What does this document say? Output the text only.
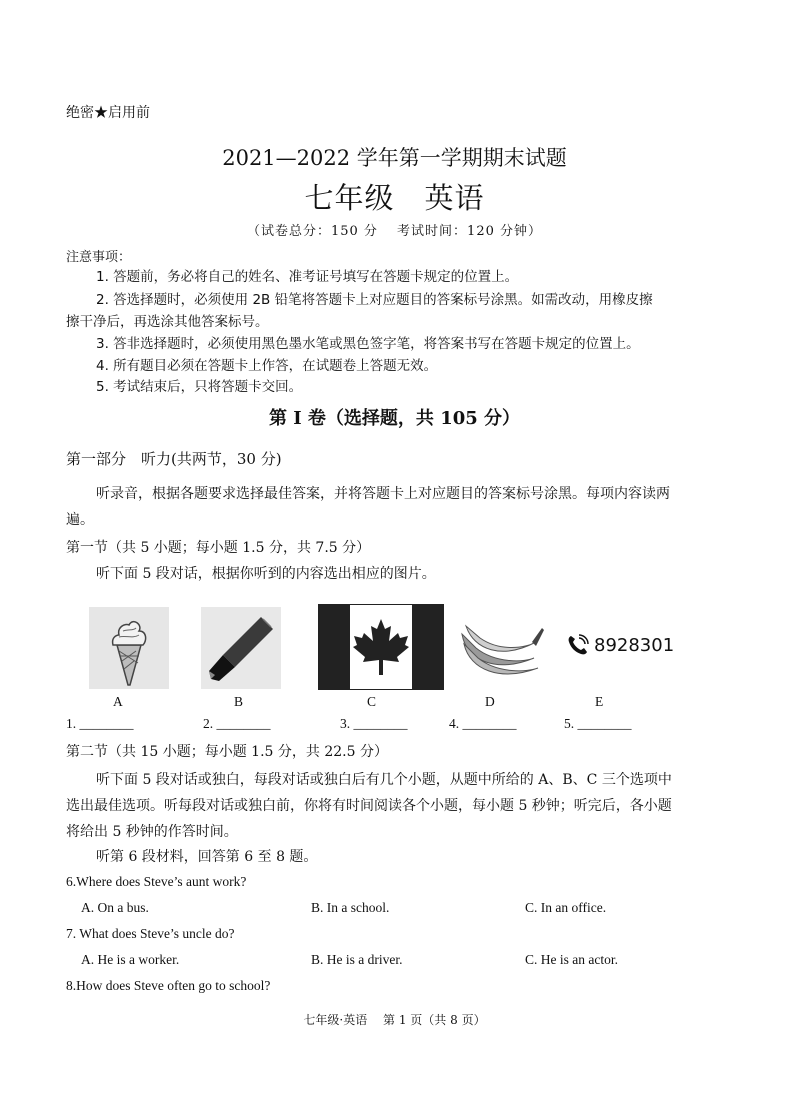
绝密★启用前
2021—2022 学年第一学期期末试题
七年级　英语
（试卷总分：150 分　 考试时间：120 分钟）
注意事项：
1. 答题前，务必将自己的姓名、准考证号填写在答题卡规定的位置上。
2. 答选择题时，必须使用 2B 铅笔将答题卡上对应题目的答案标号涂黑。如需改动，用橡皮擦
擦干净后，再选涂其他答案标号。
3. 答非选择题时，必须使用黑色墨水笔或黑色签字笔，将答案书写在答题卡规定的位置上。
4. 所有题目必须在答题卡上作答，在试题卷上答题无效。
5. 考试结束后，只将答题卡交回。
第 I 卷（选择题，共 105 分）
第一部分　听力(共两节，30 分)
听录音，根据各题要求选择最佳答案，并将答题卡上对应题目的答案标号涂黑。每项内容读两
遍。
第一节（共 5 小题；每小题 1.5 分，共 7.5 分）
听下面 5 段对话，根据你听到的内容选出相应的图片。
8928301
A	B	C	D	E
1. ________	2. ________	3. ________	4. ________	5. ________
第二节（共 15 小题；每小题 1.5 分，共 22.5 分）
听下面 5 段对话或独白，每段对话或独白后有几个小题，从题中所给的 A、B、C 三个选项中
选出最佳选项。听每段对话或独白前，你将有时间阅读各个小题，每小题 5 秒钟；听完后，各小题
将给出 5 秒钟的作答时间。
听第 6 段材料，回答第 6 至 8 题。
6.Where does Steve’s aunt work?
A. On a bus.	B. In a school.	C. In an office.
7. What does Steve’s uncle do?
A. He is a worker.	B. He is a driver.	C. He is an actor.
8.How does Steve often go to school?
七年级·英语　 第 1 页（共 8 页）
